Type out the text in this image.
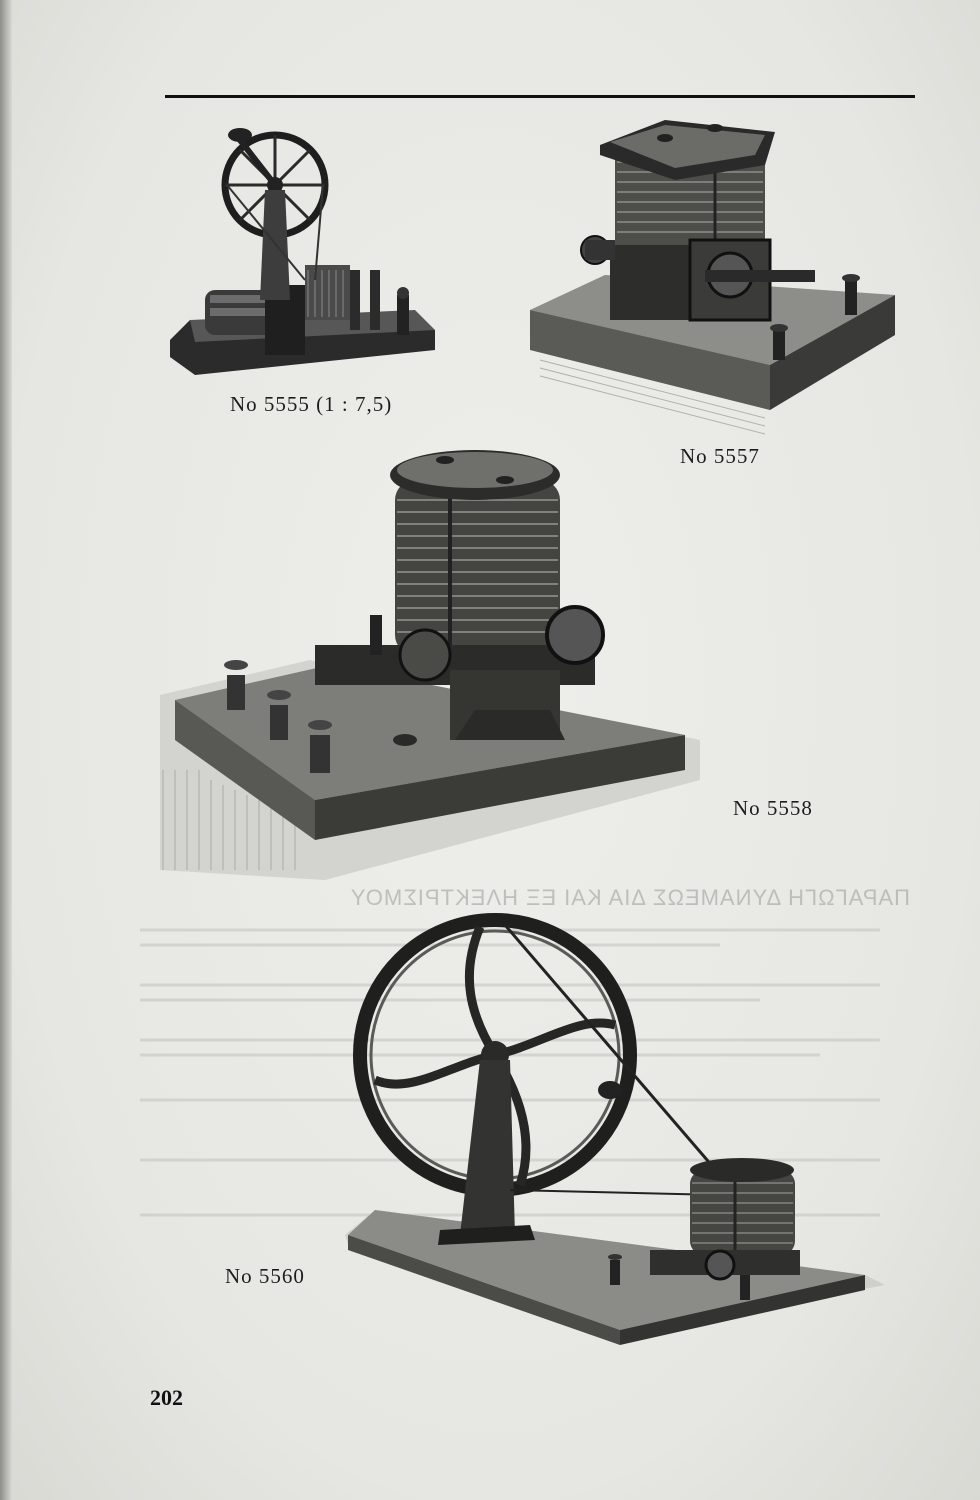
ΠΑΡΑΓΩΓΗ ΔΥΝΑΜΕΩΣ ΔΙΑ ΚΑΙ ΕΞ ΗΛΕΚΤΡΙΣΜΟΥ
No 5555 (1 : 7,5)
No 5557
No 5558
No 5560
202
